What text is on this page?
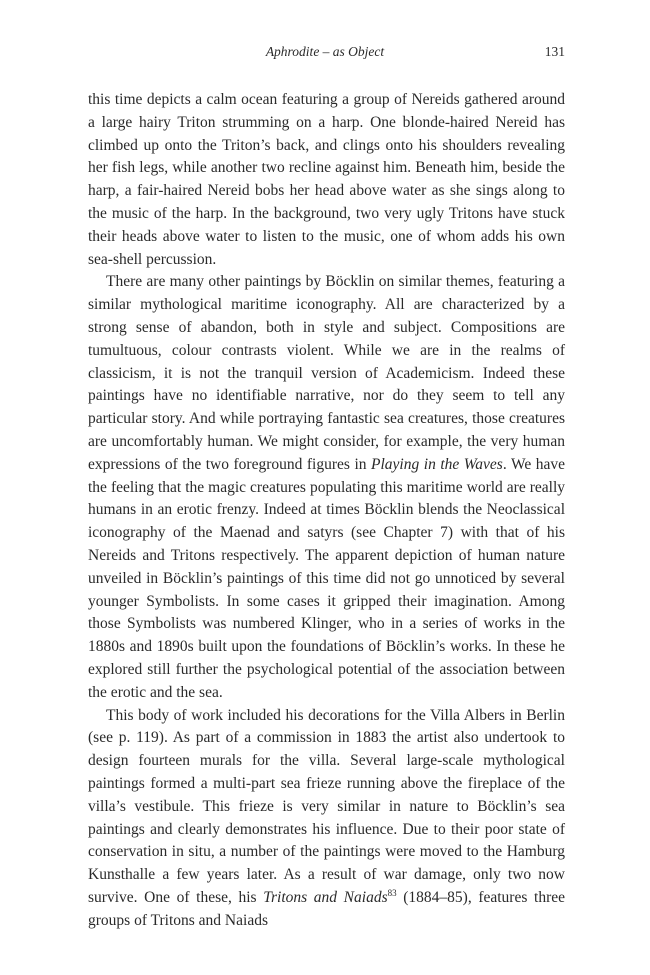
Aphrodite – as Object	131

this time depicts a calm ocean featuring a group of Nereids gathered around a large hairy Triton strumming on a harp. One blonde-haired Nereid has climbed up onto the Triton’s back, and clings onto his shoulders revealing her fish legs, while another two recline against him. Beneath him, beside the harp, a fair-haired Nereid bobs her head above water as she sings along to the music of the harp. In the background, two very ugly Tritons have stuck their heads above water to listen to the music, one of whom adds his own sea-shell percussion.

There are many other paintings by Böcklin on similar themes, featuring a similar mythological maritime iconography. All are characterized by a strong sense of abandon, both in style and subject. Compositions are tumultuous, colour contrasts violent. While we are in the realms of classicism, it is not the tranquil version of Academicism. Indeed these paintings have no identifiable narrative, nor do they seem to tell any particular story. And while portraying fantastic sea creatures, those creatures are uncomfortably human. We might consider, for example, the very human expressions of the two foreground figures in Playing in the Waves. We have the feeling that the magic creatures populating this maritime world are really humans in an erotic frenzy. Indeed at times Böcklin blends the Neoclassical iconography of the Maenad and satyrs (see Chapter 7) with that of his Nereids and Tritons respectively. The apparent depiction of human nature unveiled in Böcklin’s paintings of this time did not go unnoticed by several younger Symbolists. In some cases it gripped their imagination. Among those Symbolists was numbered Klinger, who in a series of works in the 1880s and 1890s built upon the foundations of Böcklin’s works. In these he explored still further the psychological potential of the association between the erotic and the sea.

This body of work included his decorations for the Villa Albers in Berlin (see p. 119). As part of a commission in 1883 the artist also undertook to design fourteen murals for the villa. Several large-scale mythological paintings formed a multi-part sea frieze running above the fireplace of the villa’s vestibule. This frieze is very similar in nature to Böcklin’s sea paintings and clearly demonstrates his influence. Due to their poor state of conservation in situ, a number of the paintings were moved to the Hamburg Kunsthalle a few years later. As a result of war damage, only two now survive. One of these, his Tritons and Naiads$^{83}$ (1884–85), features three groups of Tritons and Naiads
